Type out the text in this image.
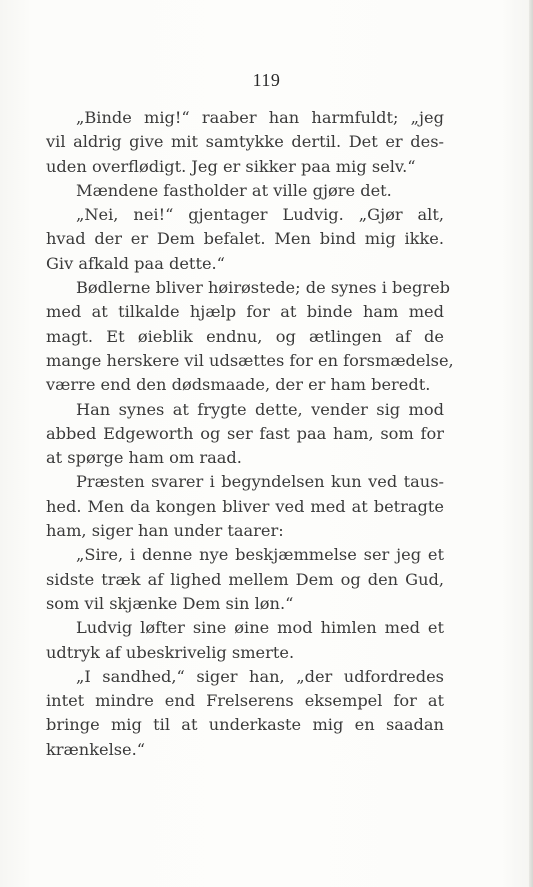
119
„Binde mig!“ raaber han harmfuldt; „jeg
vil aldrig give mit samtykke dertil. Det er des-
uden overflødigt. Jeg er sikker paa mig selv.“
Mændene fastholder at ville gjøre det.
„Nei, nei!“ gjentager Ludvig. „Gjør alt,
hvad der er Dem befalet. Men bind mig ikke.
Giv afkald paa dette.“
Bødlerne bliver høirøstede; de synes i begreb
med at tilkalde hjælp for at binde ham med
magt. Et øieblik endnu, og ætlingen af de
mange herskere vil udsættes for en forsmædelse,
værre end den dødsmaade, der er ham beredt.
Han synes at frygte dette, vender sig mod
abbed Edgeworth og ser fast paa ham, som for
at spørge ham om raad.
Præsten svarer i begyndelsen kun ved taus-
hed. Men da kongen bliver ved med at betragte
ham, siger han under taarer:
„Sire, i denne nye beskjæmmelse ser jeg et
sidste træk af lighed mellem Dem og den Gud,
som vil skjænke Dem sin løn.“
Ludvig løfter sine øine mod himlen med et
udtryk af ubeskrivelig smerte.
„I sandhed,“ siger han, „der udfordredes
intet mindre end Frelserens eksempel for at
bringe mig til at underkaste mig en saadan
krænkelse.“
